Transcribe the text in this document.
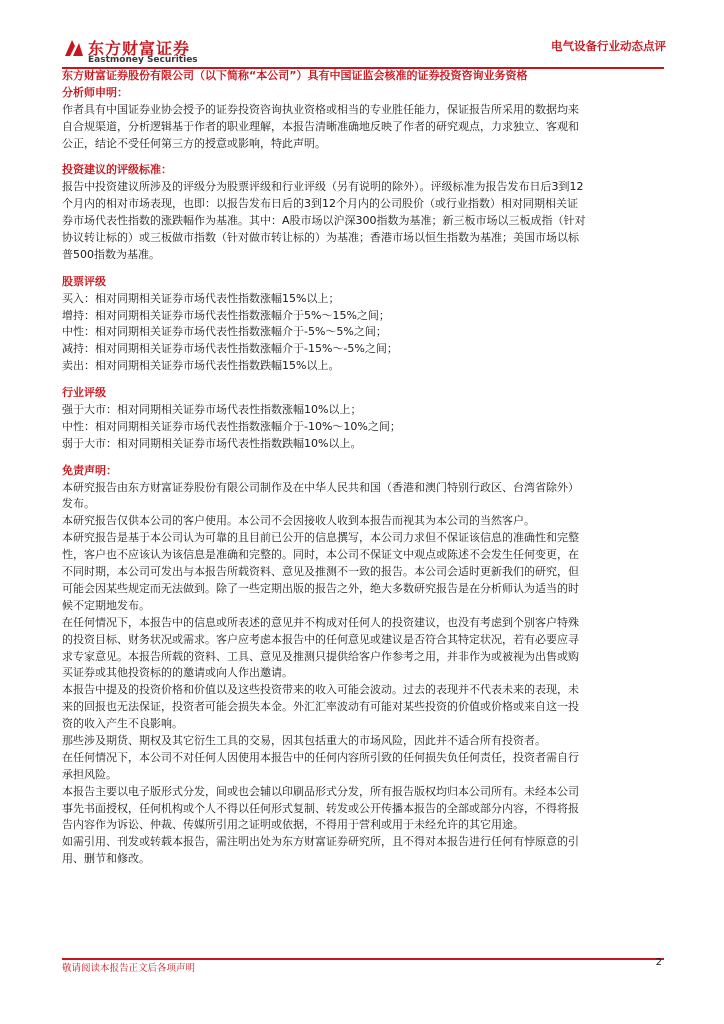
东方财富证券
Eastmoney Securities
电气设备行业动态点评
东方财富证券股份有限公司（以下简称“本公司”）具有中国证监会核准的证券投资咨询业务资格
分析师申明：
作者具有中国证券业协会授予的证券投资咨询执业资格或相当的专业胜任能力，保证报告所采用的数据均来
自合规渠道，分析逻辑基于作者的职业理解，本报告清晰准确地反映了作者的研究观点，力求独立、客观和
公正，结论不受任何第三方的授意或影响，特此声明。
投资建议的评级标准：
报告中投资建议所涉及的评级分为股票评级和行业评级（另有说明的除外）。评级标准为报告发布日后3到12
个月内的相对市场表现，也即：以报告发布日后的3到12个月内的公司股价（或行业指数）相对同期相关证
券市场代表性指数的涨跌幅作为基准。其中：A股市场以沪深300指数为基准；新三板市场以三板成指（针对
协议转让标的）或三板做市指数（针对做市转让标的）为基准；香港市场以恒生指数为基准；美国市场以标
普500指数为基准。
股票评级
买入：相对同期相关证券市场代表性指数涨幅15%以上；
增持：相对同期相关证券市场代表性指数涨幅介于5%～15%之间；
中性：相对同期相关证券市场代表性指数涨幅介于-5%～5%之间；
减持：相对同期相关证券市场代表性指数涨幅介于-15%～-5%之间；
卖出：相对同期相关证券市场代表性指数跌幅15%以上。
行业评级
强于大市：相对同期相关证券市场代表性指数涨幅10%以上；
中性：相对同期相关证券市场代表性指数涨幅介于-10%～10%之间；
弱于大市：相对同期相关证券市场代表性指数跌幅10%以上。
免责声明：
本研究报告由东方财富证券股份有限公司制作及在中华人民共和国（香港和澳门特别行政区、台湾省除外）
发布。
本研究报告仅供本公司的客户使用。本公司不会因接收人收到本报告而视其为本公司的当然客户。
本研究报告是基于本公司认为可靠的且目前已公开的信息撰写，本公司力求但不保证该信息的准确性和完整
性，客户也不应该认为该信息是准确和完整的。同时，本公司不保证文中观点或陈述不会发生任何变更，在
不同时期，本公司可发出与本报告所载资料、意见及推测不一致的报告。本公司会适时更新我们的研究，但
可能会因某些规定而无法做到。除了一些定期出版的报告之外，绝大多数研究报告是在分析师认为适当的时
候不定期地发布。
在任何情况下，本报告中的信息或所表述的意见并不构成对任何人的投资建议，也没有考虑到个别客户特殊
的投资目标、财务状况或需求。客户应考虑本报告中的任何意见或建议是否符合其特定状况，若有必要应寻
求专家意见。本报告所载的资料、工具、意见及推测只提供给客户作参考之用，并非作为或被视为出售或购
买证券或其他投资标的的邀请或向人作出邀请。
本报告中提及的投资价格和价值以及这些投资带来的收入可能会波动。过去的表现并不代表未来的表现，未
来的回报也无法保证，投资者可能会损失本金。外汇汇率波动有可能对某些投资的价值或价格或来自这一投
资的收入产生不良影响。
那些涉及期货、期权及其它衍生工具的交易，因其包括重大的市场风险，因此并不适合所有投资者。
在任何情况下，本公司不对任何人因使用本报告中的任何内容所引致的任何损失负任何责任，投资者需自行
承担风险。
本报告主要以电子版形式分发，间或也会辅以印刷品形式分发，所有报告版权均归本公司所有。未经本公司
事先书面授权，任何机构或个人不得以任何形式复制、转发或公开传播本报告的全部或部分内容，不得将报
告内容作为诉讼、仲裁、传媒所引用之证明或依据，不得用于营利或用于未经允许的其它用途。
如需引用、刊发或转载本报告，需注明出处为东方财富证券研究所，且不得对本报告进行任何有悖原意的引
用、删节和修改。
敬请阅读本报告正文后各项声明
2
